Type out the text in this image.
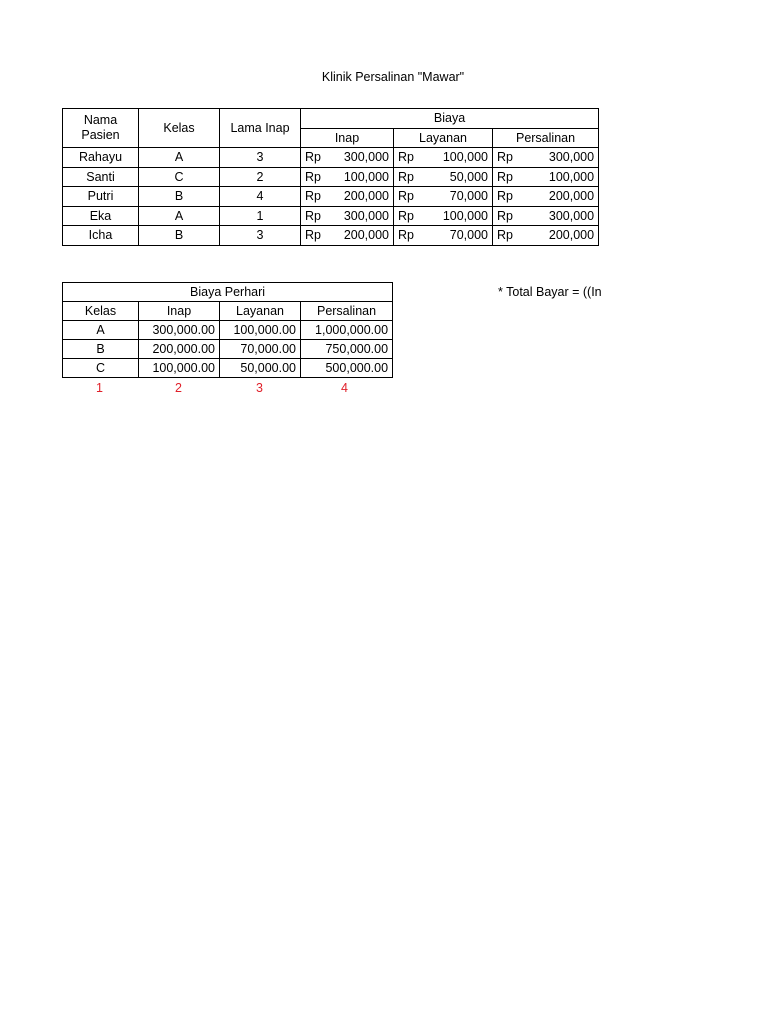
Klinik Persalinan "Mawar"
Nama Pasien	Kelas	Lama Inap	Biaya					
			Inap		Layanan		Persalinan	
Rahayu	A	3	Rp	300,000	Rp	100,000	Rp	300,000
Santi	C	2	Rp	100,000	Rp	50,000	Rp	100,000
Putri	B	4	Rp	200,000	Rp	70,000	Rp	200,000
Eka	A	1	Rp	300,000	Rp	100,000	Rp	300,000
Icha	B	3	Rp	200,000	Rp	70,000	Rp	200,000
Biaya Perhari			
Kelas	Inap	Layanan	Persalinan
A	300,000.00	100,000.00	1,000,000.00
B	200,000.00	70,000.00	750,000.00
C	100,000.00	50,000.00	500,000.00
1	2	3	4
* Total Bayar = ((In
